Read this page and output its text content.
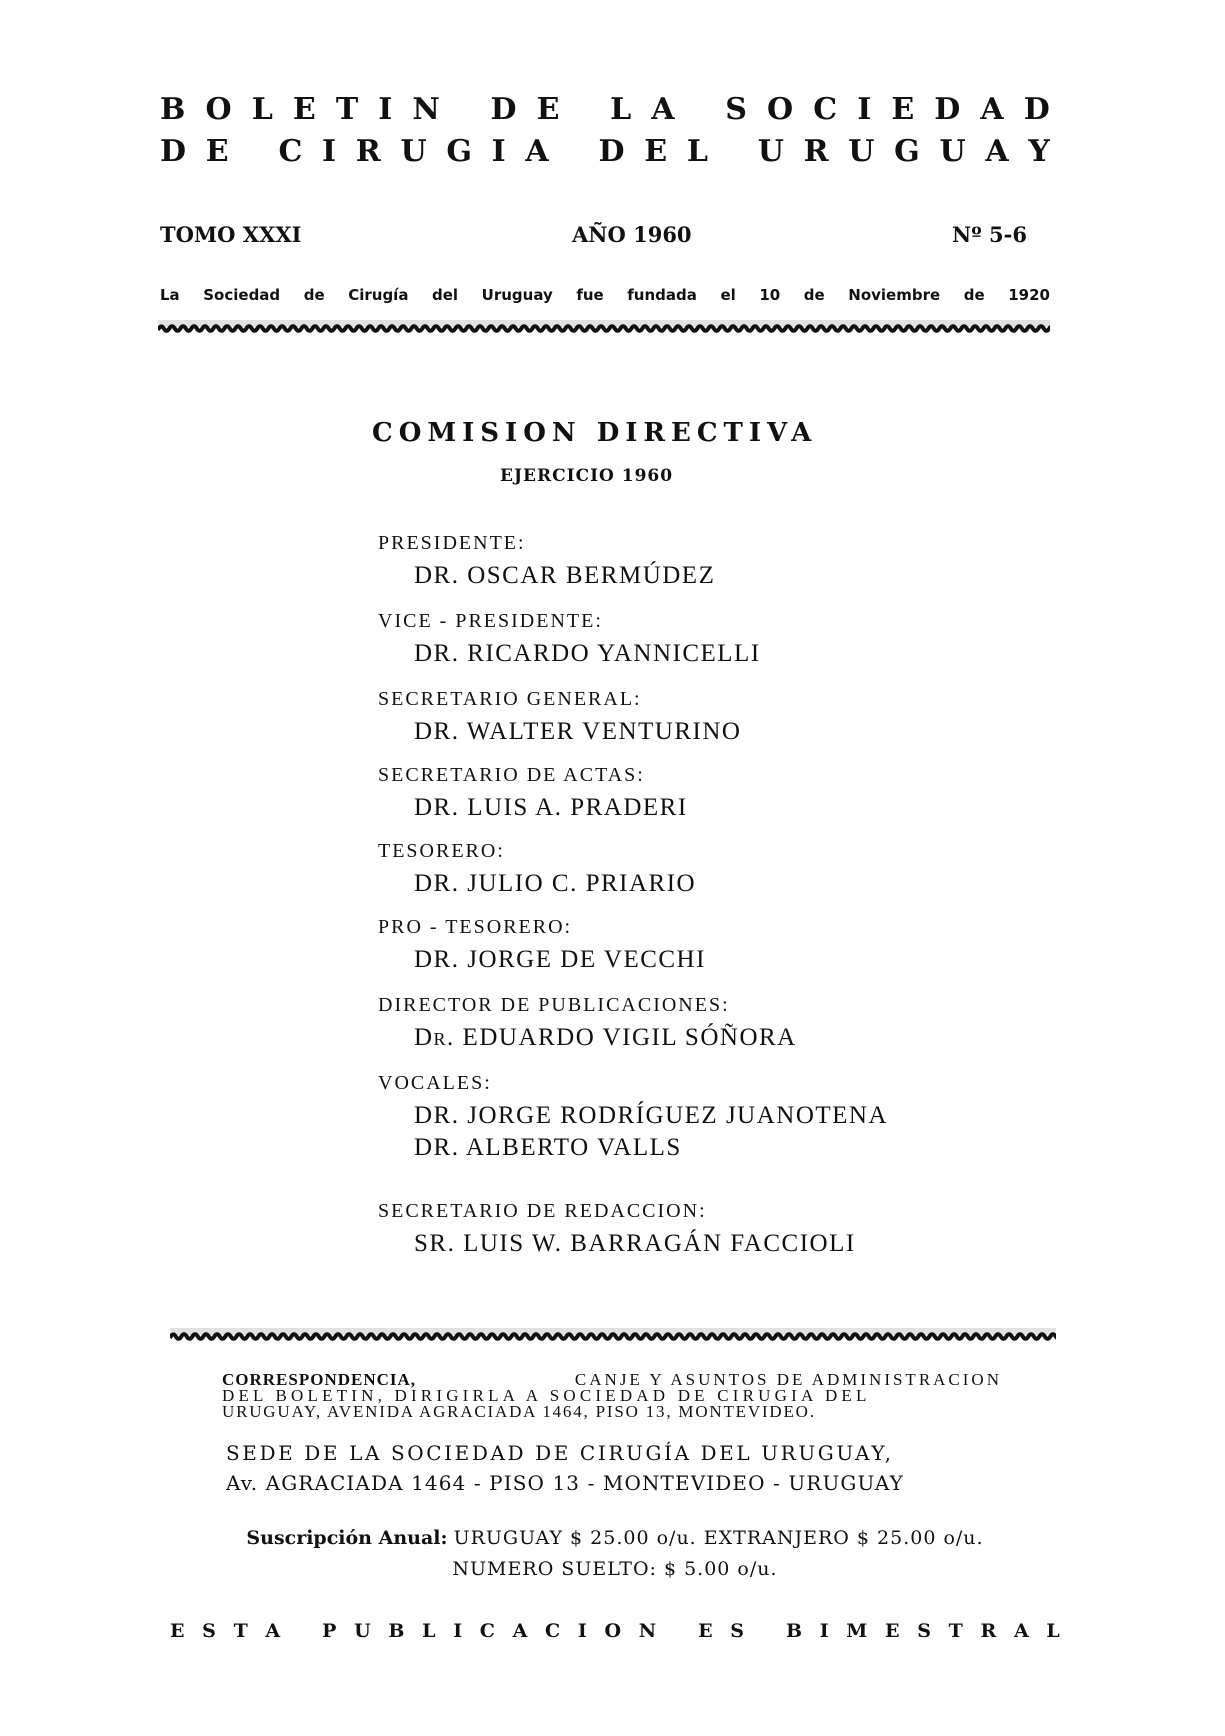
B O L E T I N
D E
L A
S O C I E D A D
D E
C I R U G I A
D E L
U R U G U A Y
TOMO XXXI	AÑO 1960	Nº 5-6
La Sociedad de Cirugía del Uruguay fue fundada el 10 de Noviembre de 1920
COMISION DIRECTIVA
EJERCICIO 1960
PRESIDENTE:
DR. OSCAR BERMÚDEZ
VICE - PRESIDENTE:
DR. RICARDO YANNICELLI
SECRETARIO GENERAL:
DR. WALTER VENTURINO
SECRETARIO DE ACTAS:
DR. LUIS A. PRADERI
TESORERO:
DR. JULIO C. PRIARIO
PRO - TESORERO:
DR. JORGE DE VECCHI
DIRECTOR DE PUBLICACIONES:
Dr. EDUARDO VIGIL SÓÑORA
VOCALES:
DR. JORGE RODRÍGUEZ JUANOTENA
DR. ALBERTO VALLS
SECRETARIO DE REDACCION:
SR. LUIS W. BARRAGÁN FACCIOLI
CORRESPONDENCIA,	CANJE Y ASUNTOS DE ADMINISTRACION
DEL BOLETIN, DIRIGIRLA A SOCIEDAD DE CIRUGIA DEL
URUGUAY, AVENIDA AGRACIADA 1464, PISO 13, MONTEVIDEO.
SEDE DE LA SOCIEDAD DE CIRUGÍA DEL URUGUAY,
Av. AGRACIADA 1464 - PISO 13 - MONTEVIDEO - URUGUAY
Suscripción Anual: URUGUAY $ 25.00 o/u. EXTRANJERO $ 25.00 o/u.
NUMERO SUELTO: $ 5.00 o/u.
E S T A
P U B L I C A C I O N
E S
B I M E S T R A L
